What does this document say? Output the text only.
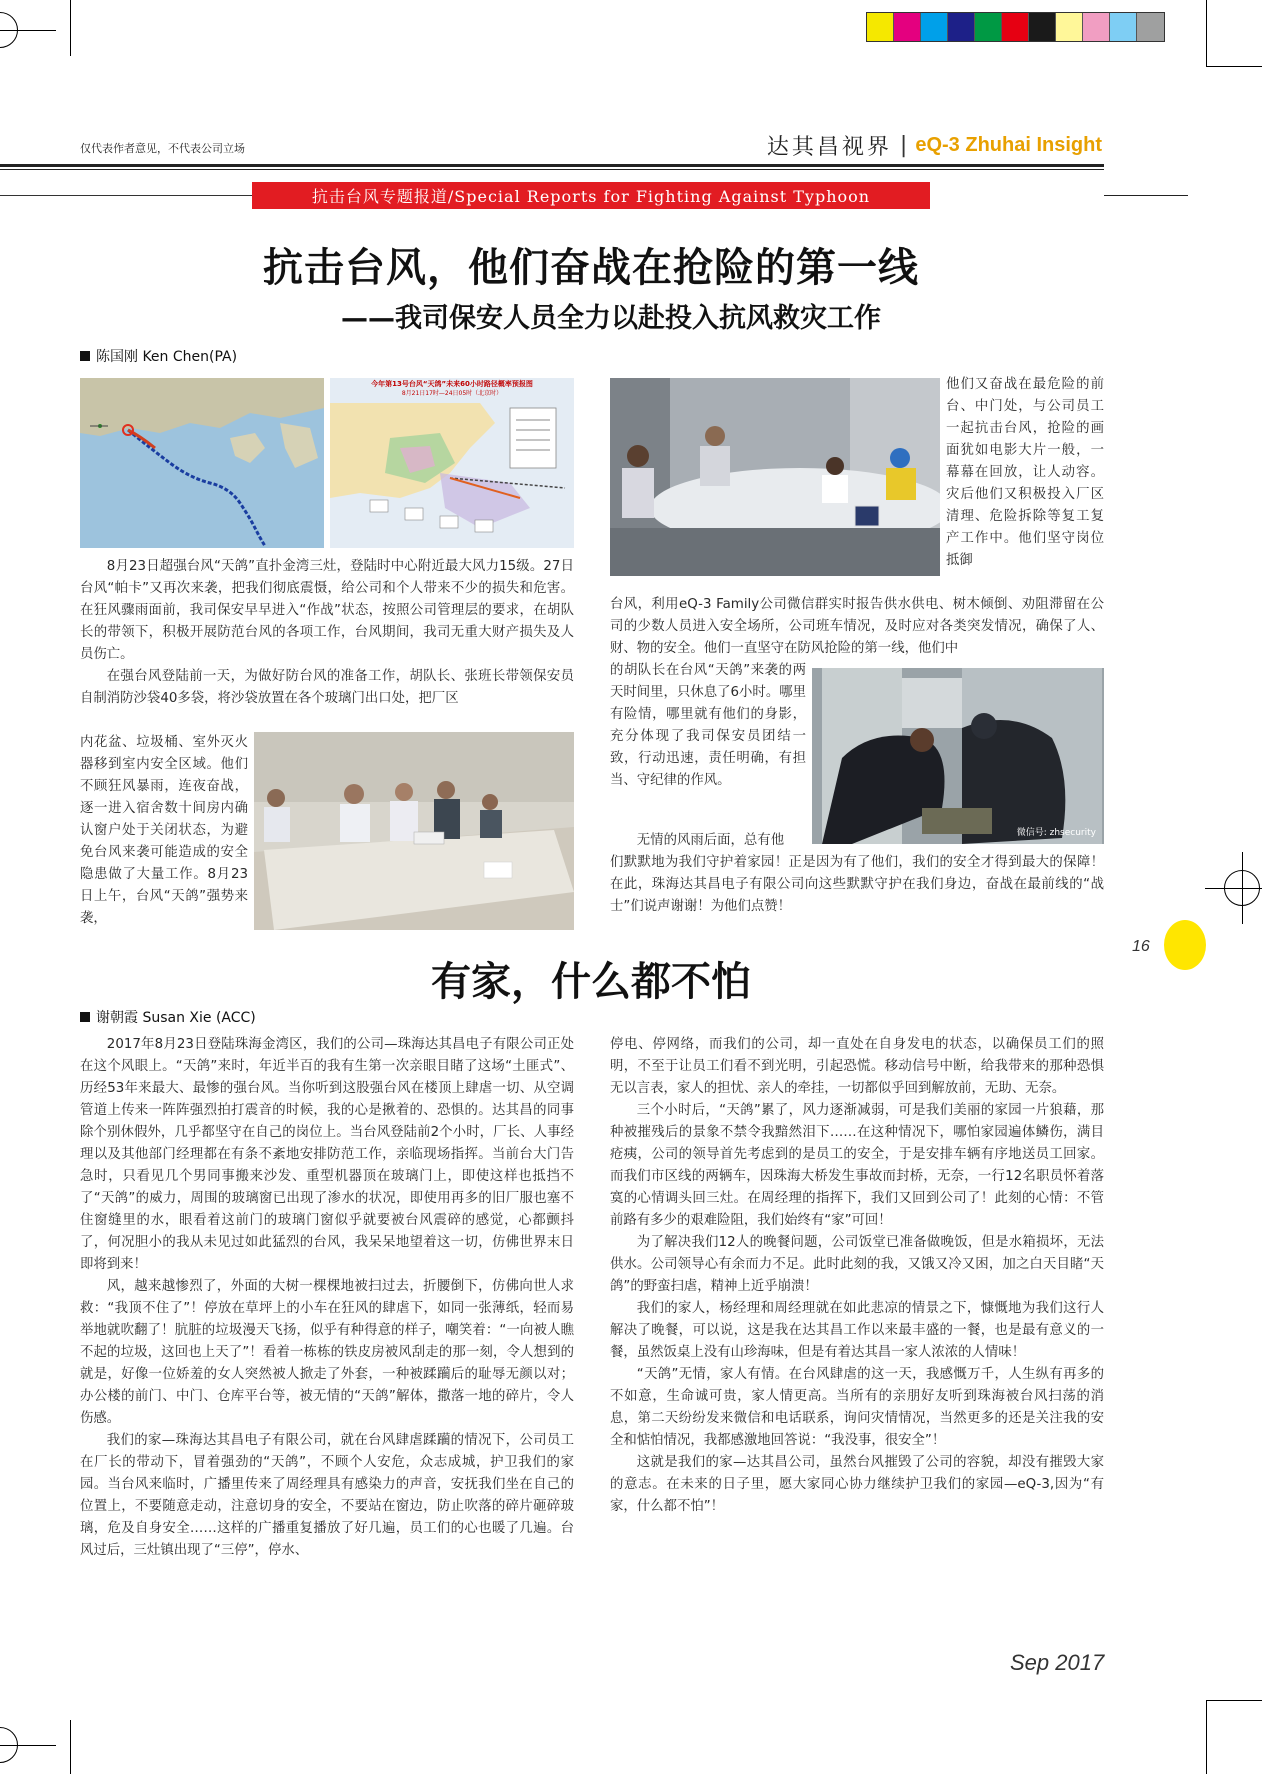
仅代表作者意见，不代表公司立场	达其昌视界 | eQ-3 Zhuhai Insight
抗击台风专题报道/Special Reports for Fighting Against Typhoon
抗击台风，他们奋战在抢险的第一线
——我司保安人员全力以赴投入抗风救灾工作
陈国刚 Ken Chen(PA)
今年第13号台风“天鸽”未来60小时路径概率预报图
8月21日17时—24日05时（北京时）

8月23日超强台风“天鸽”直扑金湾三灶，登陆时中心附近最大风力15级。27日台风“帕卡”又再次来袭，把我们彻底震慑，给公司和个人带来不少的损失和危害。在狂风骤雨面前，我司保安早早进入“作战”状态，按照公司管理层的要求，在胡队长的带领下，积极开展防范台风的各项工作，台风期间，我司无重大财产损失及人员伤亡。

在强台风登陆前一天，为做好防台风的准备工作，胡队长、张班长带领保安员自制消防沙袋40多袋，将沙袋放置在各个玻璃门出口处，把厂区

内花盆、垃圾桶、室外灭火器移到室内安全区域。他们不顾狂风暴雨，连夜奋战，逐一进入宿舍数十间房内确认窗户处于关闭状态，为避免台风来袭可能造成的安全隐患做了大量工作。8月23日上午，台风“天鸽”强势来袭，

他们又奋战在最危险的前台、中门处，与公司员工一起抗击台风，抢险的画面犹如电影大片一般，一幕幕在回放，让人动容。灾后他们又积极投入厂区清理、危险拆除等复工复产工作中。他们坚守岗位抵御

台风，利用eQ-3 Family公司微信群实时报告供水供电、树木倾倒、劝阻滞留在公司的少数人员进入安全场所，公司班车情况，及时应对各类突发情况，确保了人、财、物的安全。他们一直坚守在防风抢险的第一线，他们中

微信号: zhsecurity

的胡队长在台风“天鸽”来袭的两天时间里，只休息了6小时。哪里有险情，哪里就有他们的身影，充分体现了我司保安员团结一致，行动迅速，责任明确，有担当、守纪律的作风。

无情的风雨后面，总有他

们默默地为我们守护着家园！正是因为有了他们，我们的安全才得到最大的保障！在此，珠海达其昌电子有限公司向这些默默守护在我们身边，奋战在最前线的“战士”们说声谢谢！为他们点赞！

16
有家，什么都不怕
谢朝霞 Susan Xie (ACC)

2017年8月23日登陆珠海金湾区，我们的公司—珠海达其昌电子有限公司正处在这个风眼上。“天鸽”来时，年近半百的我有生第一次亲眼目睹了这场“土匪式”、历经53年来最大、最惨的强台风。当你听到这股强台风在楼顶上肆虐一切、从空调管道上传来一阵阵强烈拍打震音的时候，我的心是揪着的、恐惧的。达其昌的同事除个别休假外，几乎都坚守在自己的岗位上。当台风登陆前2个小时，厂长、人事经理以及其他部门经理都在有条不紊地安排防范工作，亲临现场指挥。当前台大门告急时，只看见几个男同事搬来沙发、重型机器顶在玻璃门上，即使这样也抵挡不了“天鸽”的威力，周围的玻璃窗已出现了渗水的状况，即使用再多的旧厂服也塞不住窗缝里的水，眼看着这前门的玻璃门窗似乎就要被台风震碎的感觉，心都颤抖了，何况胆小的我从未见过如此猛烈的台风，我呆呆地望着这一切，仿佛世界末日即将到来！

风，越来越惨烈了，外面的大树一棵棵地被扫过去，折腰倒下，仿佛向世人求救：“我顶不住了”！停放在草坪上的小车在狂风的肆虐下，如同一张薄纸，轻而易举地就吹翻了！肮脏的垃圾漫天飞扬，似乎有种得意的样子，嘲笑着：“一向被人瞧不起的垃圾，这回也上天了”！看着一栋栋的铁皮房被风刮走的那一刻，令人想到的就是，好像一位娇羞的女人突然被人掀走了外套，一种被蹂躏后的耻辱无颜以对；办公楼的前门、中门、仓库平台等，被无情的“天鸽”解体，撒落一地的碎片，令人伤感。

我们的家—珠海达其昌电子有限公司，就在台风肆虐蹂躏的情况下，公司员工在厂长的带动下，冒着强劲的“天鸽”，不顾个人安危，众志成城，护卫我们的家园。当台风来临时，广播里传来了周经理具有感染力的声音，安抚我们坐在自己的位置上，不要随意走动，注意切身的安全，不要站在窗边，防止吹落的碎片砸碎玻璃，危及自身安全……这样的广播重复播放了好几遍，员工们的心也暖了几遍。台风过后，三灶镇出现了“三停”，停水、

停电、停网络，而我们的公司，却一直处在自身发电的状态，以确保员工们的照明，不至于让员工们看不到光明，引起恐慌。移动信号中断，给我带来的那种恐惧无以言表，家人的担忧、亲人的牵挂，一切都似乎回到解放前，无助、无奈。

三个小时后，“天鸽”累了，风力逐渐减弱，可是我们美丽的家园一片狼藉，那种被摧残后的景象不禁令我黯然泪下……在这种情况下，哪怕家园遍体鳞伤，满目疮痍，公司的领导首先考虑到的是员工的安全，于是安排车辆有序地送员工回家。而我们市区线的两辆车，因珠海大桥发生事故而封桥，无奈，一行12名职员怀着落寞的心情调头回三灶。在周经理的指挥下，我们又回到公司了！此刻的心情：不管前路有多少的艰难险阻，我们始终有“家”可回！

为了解决我们12人的晚餐问题，公司饭堂已准备做晚饭，但是水箱损坏，无法供水。公司领导心有余而力不足。此时此刻的我，又饿又冷又困，加之白天目睹“天鸽”的野蛮扫虐，精神上近乎崩溃！

我们的家人，杨经理和周经理就在如此悲凉的情景之下，慷慨地为我们这行人解决了晚餐，可以说，这是我在达其昌工作以来最丰盛的一餐，也是最有意义的一餐，虽然饭桌上没有山珍海味，但是有着达其昌一家人浓浓的人情味！

“天鸽”无情，家人有情。在台风肆虐的这一天，我感慨万千，人生纵有再多的不如意，生命诚可贵，家人情更高。当所有的亲朋好友听到珠海被台风扫荡的消息，第二天纷纷发来微信和电话联系，询问灾情情况，当然更多的还是关注我的安全和惦怕情况，我都感激地回答说：“我没事，很安全”！

这就是我们的家—达其昌公司，虽然台风摧毁了公司的容貌，却没有摧毁大家的意志。在未来的日子里，愿大家同心协力继续护卫我们的家园—eQ-3,因为“有家，什么都不怕”！

Sep 2017
